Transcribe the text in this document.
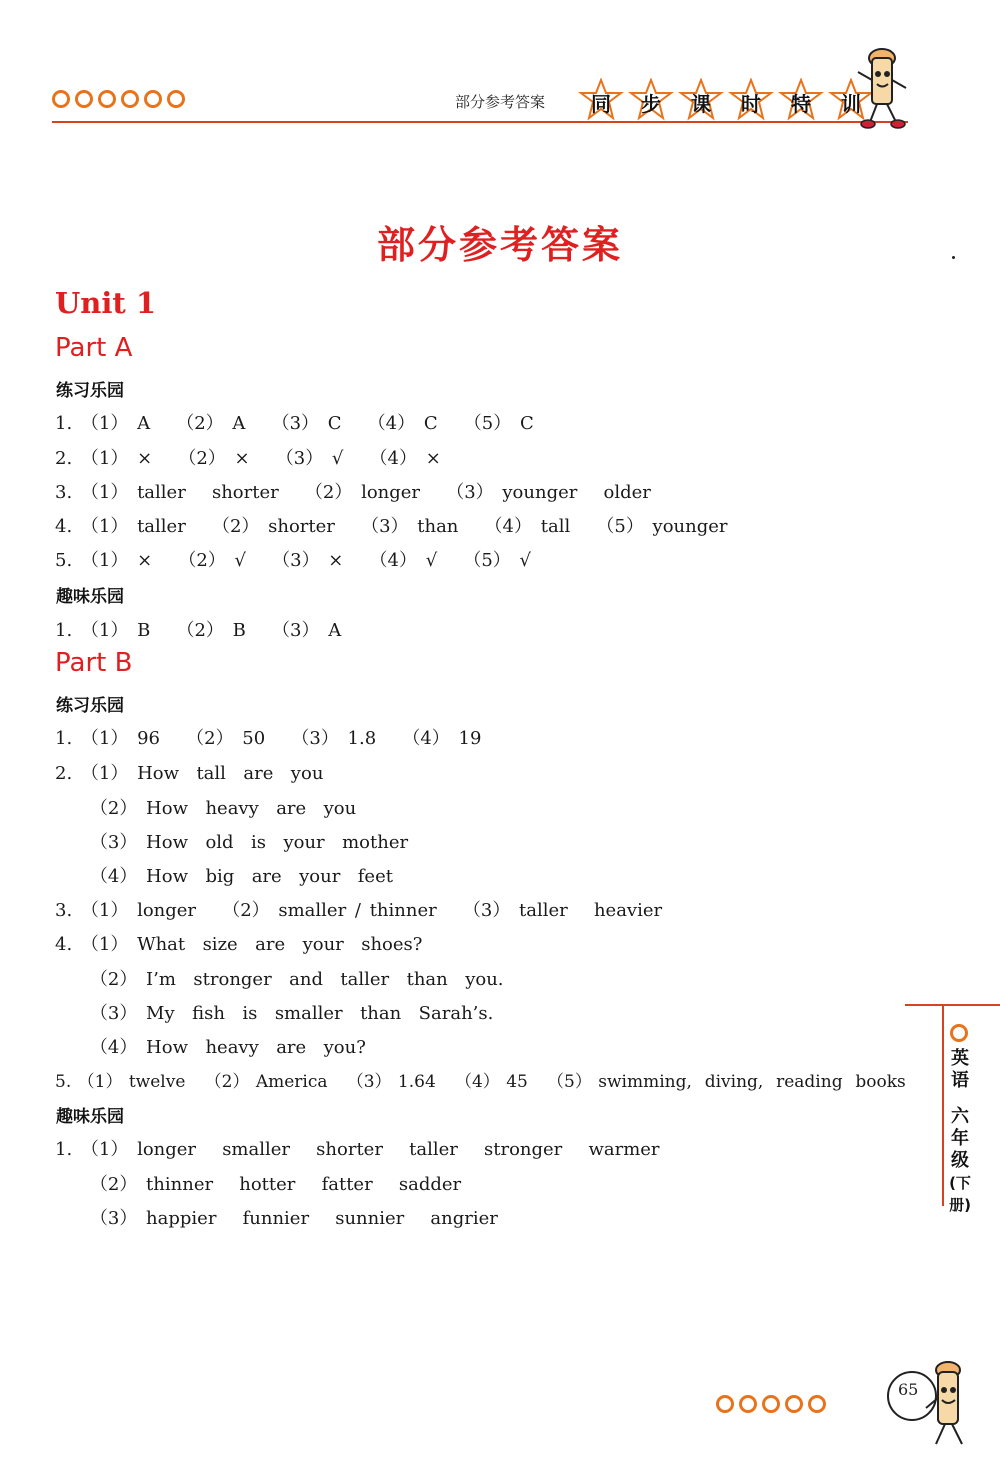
部分参考答案	同	步	课	时	特	训
部分参考答案
Unit 1
Part A
练习乐园
1. （1） A   （2） A   （3） C   （4） C   （5） C
2. （1） ×   （2） ×   （3） √   （4） ×
3. （1） taller   shorter   （2） longer   （3） younger   older
4. （1） taller   （2） shorter   （3） than   （4） tall   （5） younger
5. （1） ×   （2） √   （3） ×   （4） √   （5） √
趣味乐园
1. （1） B   （2） B   （3） A
Part B
练习乐园
1. （1） 96   （2） 50   （3） 1.8   （4） 19
2. （1） How  tall  are  you
（2） How  heavy  are  you
（3） How  old  is  your  mother
（4） How  big  are  your  feet
3. （1） longer   （2） smaller / thinner   （3） taller   heavier
4. （1） What  size  are  your  shoes?
（2） I’m  stronger  and  taller  than  you.
（3） My  fish  is  smaller  than  Sarah’s.
（4） How  heavy  are  you?
5. （1） twelve   （2） America   （3） 1.64   （4） 45   （5） swimming,  diving,  reading  books
趣味乐园
1. （1） longer   smaller   shorter   taller   stronger   warmer
（2） thinner   hotter   fatter   sadder
（3） happier   funnier   sunnier   angrier
英语
六年级
(下册)
65
